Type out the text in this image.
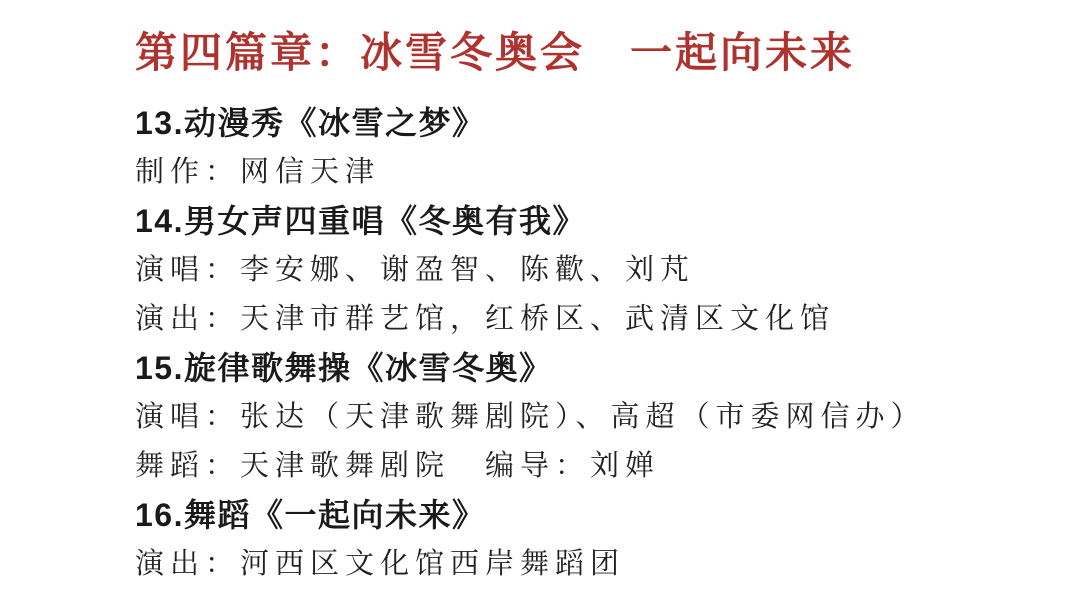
第四篇章：冰雪冬奥会　一起向未来
13.动漫秀《冰雪之梦》
制作：网信天津
14.男女声四重唱《冬奥有我》
演唱：李安娜、谢盈智、陈歡、刘芃
演出：天津市群艺馆，红桥区、武清区文化馆
15.旋律歌舞操《冰雪冬奥》
演唱：张达（天津歌舞剧院）、高超（市委网信办）
舞蹈：天津歌舞剧院　编导：刘婵
16.舞蹈《一起向未来》
演出：河西区文化馆西岸舞蹈团
